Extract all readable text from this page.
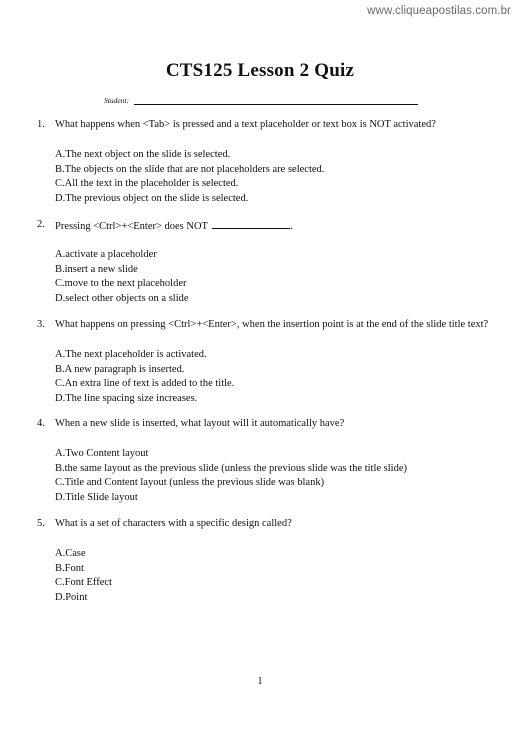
www.cliqueapostilas.com.br
CTS125 Lesson 2 Quiz
Student:
1. What happens when <Tab> is pressed and a text placeholder or text box is NOT activated?
A.The next object on the slide is selected.
B.The objects on the slide that are not placeholders are selected.
C.All the text in the placeholder is selected.
D.The previous object on the slide is selected.
2. Pressing <Ctrl>+<Enter> does NOT	.
A.activate a placeholder
B.insert a new slide
C.move to the next placeholder
D.select other objects on a slide
3. What happens on pressing <Ctrl>+<Enter>, when the insertion point is at the end of the slide title text?
A.The next placeholder is activated.
B.A new paragraph is inserted.
C.An extra line of text is added to the title.
D.The line spacing size increases.
4. When a new slide is inserted, what layout will it automatically have?
A.Two Content layout
B.the same layout as the previous slide (unless the previous slide was the title slide)
C.Title and Content layout (unless the previous slide was blank)
D.Title Slide layout
5. What is a set of characters with a specific design called?
A.Case
B.Font
C.Font Effect
D.Point
1
